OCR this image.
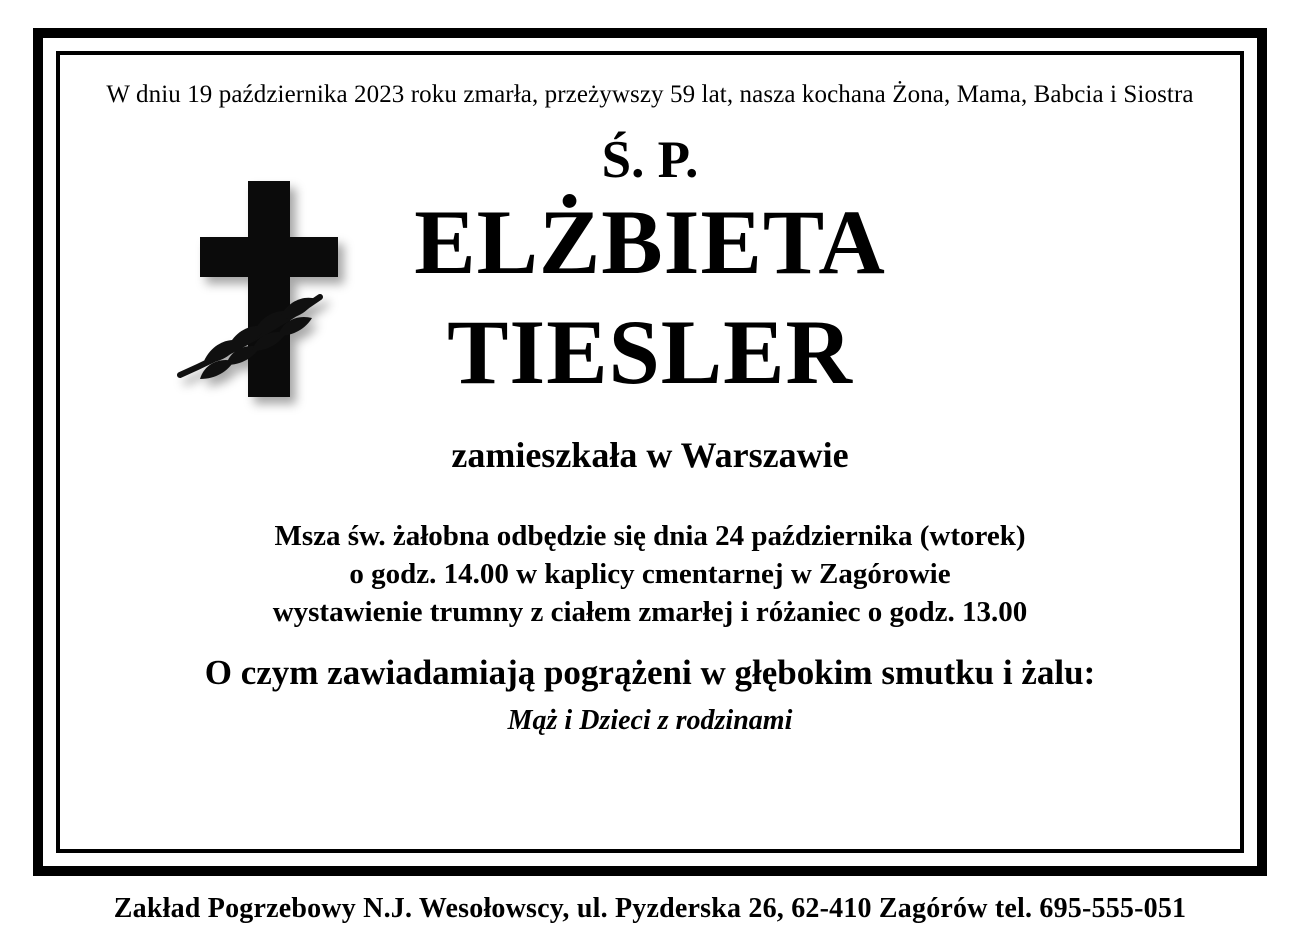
W dniu 19 października 2023 roku zmarła, przeżywszy 59 lat, nasza kochana Żona, Mama, Babcia i Siostra

Ś. P.

ELŻBIETA

TIESLER

zamieszkała w Warszawie

Msza św. żałobna odbędzie się dnia 24 października (wtorek)
o godz. 14.00 w kaplicy cmentarnej w Zagórowie
wystawienie trumny z ciałem zmarłej i różaniec o godz. 13.00

O czym zawiadamiają pogrążeni w głębokim smutku i żalu:

Mąż i Dzieci z rodzinami

Zakład Pogrzebowy N.J. Wesołowscy, ul. Pyzderska 26, 62-410 Zagórów tel. 695-555-051
